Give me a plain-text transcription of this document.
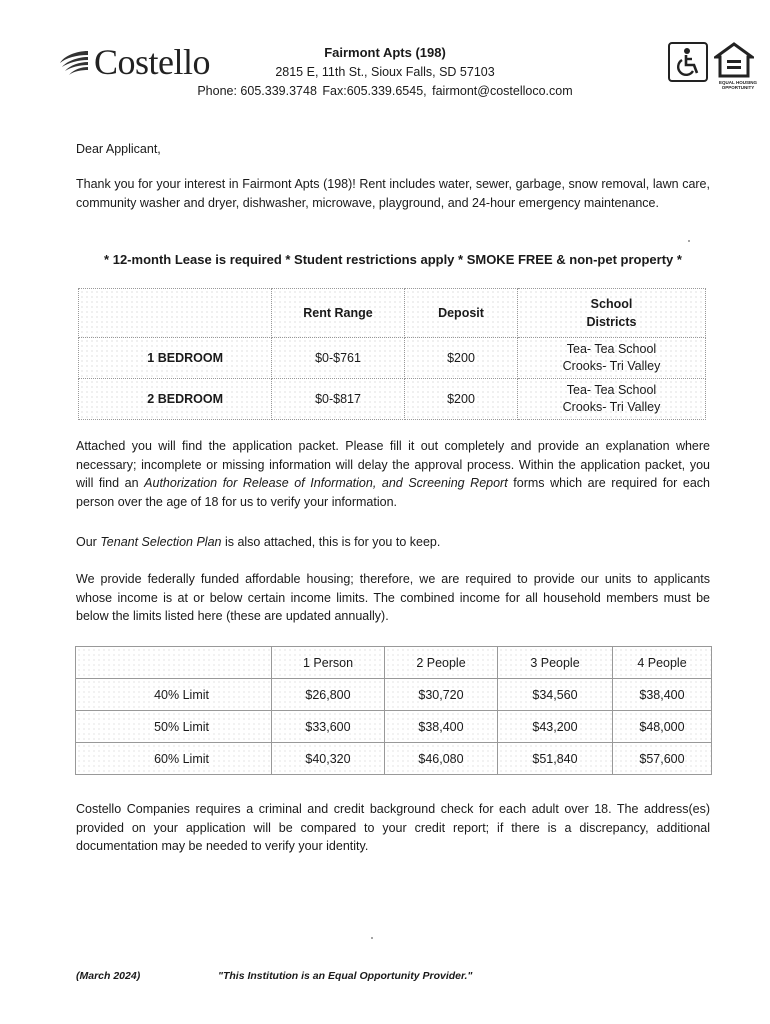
Costello	Fairmont Apts (198)
2815 E, 11th St., Sioux Falls, SD 57103
Phone: 605.339.3748 Fax:605.339.6545, fairmont@costelloco.com
EQUAL HOUSING OPPORTUNITY
Dear Applicant,
Thank you for your interest in Fairmont Apts (198)! Rent includes water, sewer, garbage, snow removal, lawn care, community washer and dryer, dishwasher, microwave, playground, and 24-hour emergency maintenance.
* 12-month Lease is required * Student restrictions apply * SMOKE FREE & non-pet property *
	Rent Range	Deposit	School Districts
1 BEDROOM	$0-$761	$200	Tea- Tea School
Crooks- Tri Valley

2 BEDROOM	$0-$817	$200	Tea- Tea School
Crooks- Tri Valley
Attached you will find the application packet. Please fill it out completely and provide an explanation where necessary; incomplete or missing information will delay the approval process. Within the application packet, you will find an Authorization for Release of Information, and Screening Report forms which are required for each person over the age of 18 for us to verify your information.
Our Tenant Selection Plan is also attached, this is for you to keep.
We provide federally funded affordable housing; therefore, we are required to provide our units to applicants whose income is at or below certain income limits. The combined income for all household members must be below the limits listed here (these are updated annually).
	1 Person	2 People	3 People	4 People
40% Limit	$26,800	$30,720	$34,560	$38,400
50% Limit	$33,600	$38,400	$43,200	$48,000
60% Limit	$40,320	$46,080	$51,840	$57,600
Costello Companies requires a criminal and credit background check for each adult over 18. The address(es) provided on your application will be compared to your credit report; if there is a discrepancy, additional documentation may be needed to verify your identity.
(March 2024)	"This Institution is an Equal Opportunity Provider."
